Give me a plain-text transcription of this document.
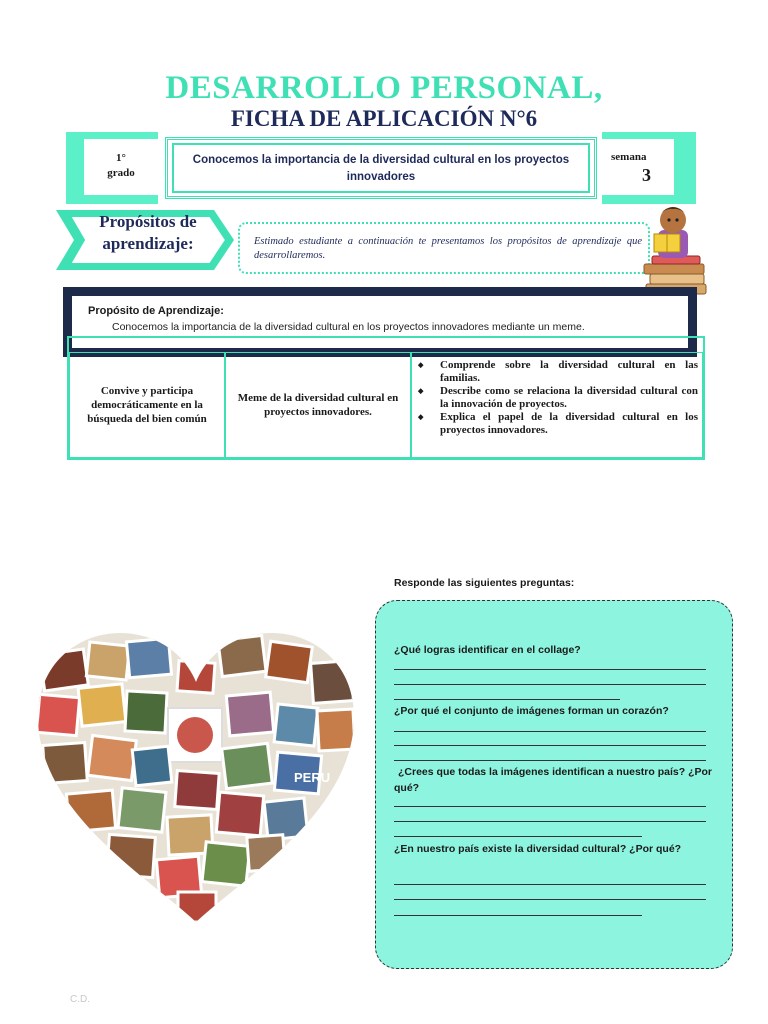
DESARROLLO PERSONAL,
FICHA DE APLICACIÓN N°6
1°
grado
Conocemos la importancia de la diversidad cultural en los proyectos innovadores
semana
3
Propósitos de
aprendizaje:	Estimado estudiante a continuación te presentamos los propósitos de aprendizaje que desarrollaremos.
Propósito de Aprendizaje:
Conocemos la importancia de la diversidad cultural en los proyectos innovadores mediante un meme.
Convive y participa democráticamente en la búsqueda del bien común
Meme de la diversidad cultural en proyectos innovadores.
◆ Comprende sobre la diversidad cultural en las familias.
◆ Describe como se relaciona la diversidad cultural con la innovación de proyectos.
◆ Explica el papel de la diversidad cultural en los proyectos innovadores.
PERU
Responde las siguientes preguntas:
¿Qué logras identificar en el collage?
¿Por qué el conjunto de imágenes forman un corazón?
¿Crees que todas la imágenes identifican a nuestro país? ¿Por qué?
¿En nuestro país existe la diversidad cultural? ¿Por qué?
C.D.
